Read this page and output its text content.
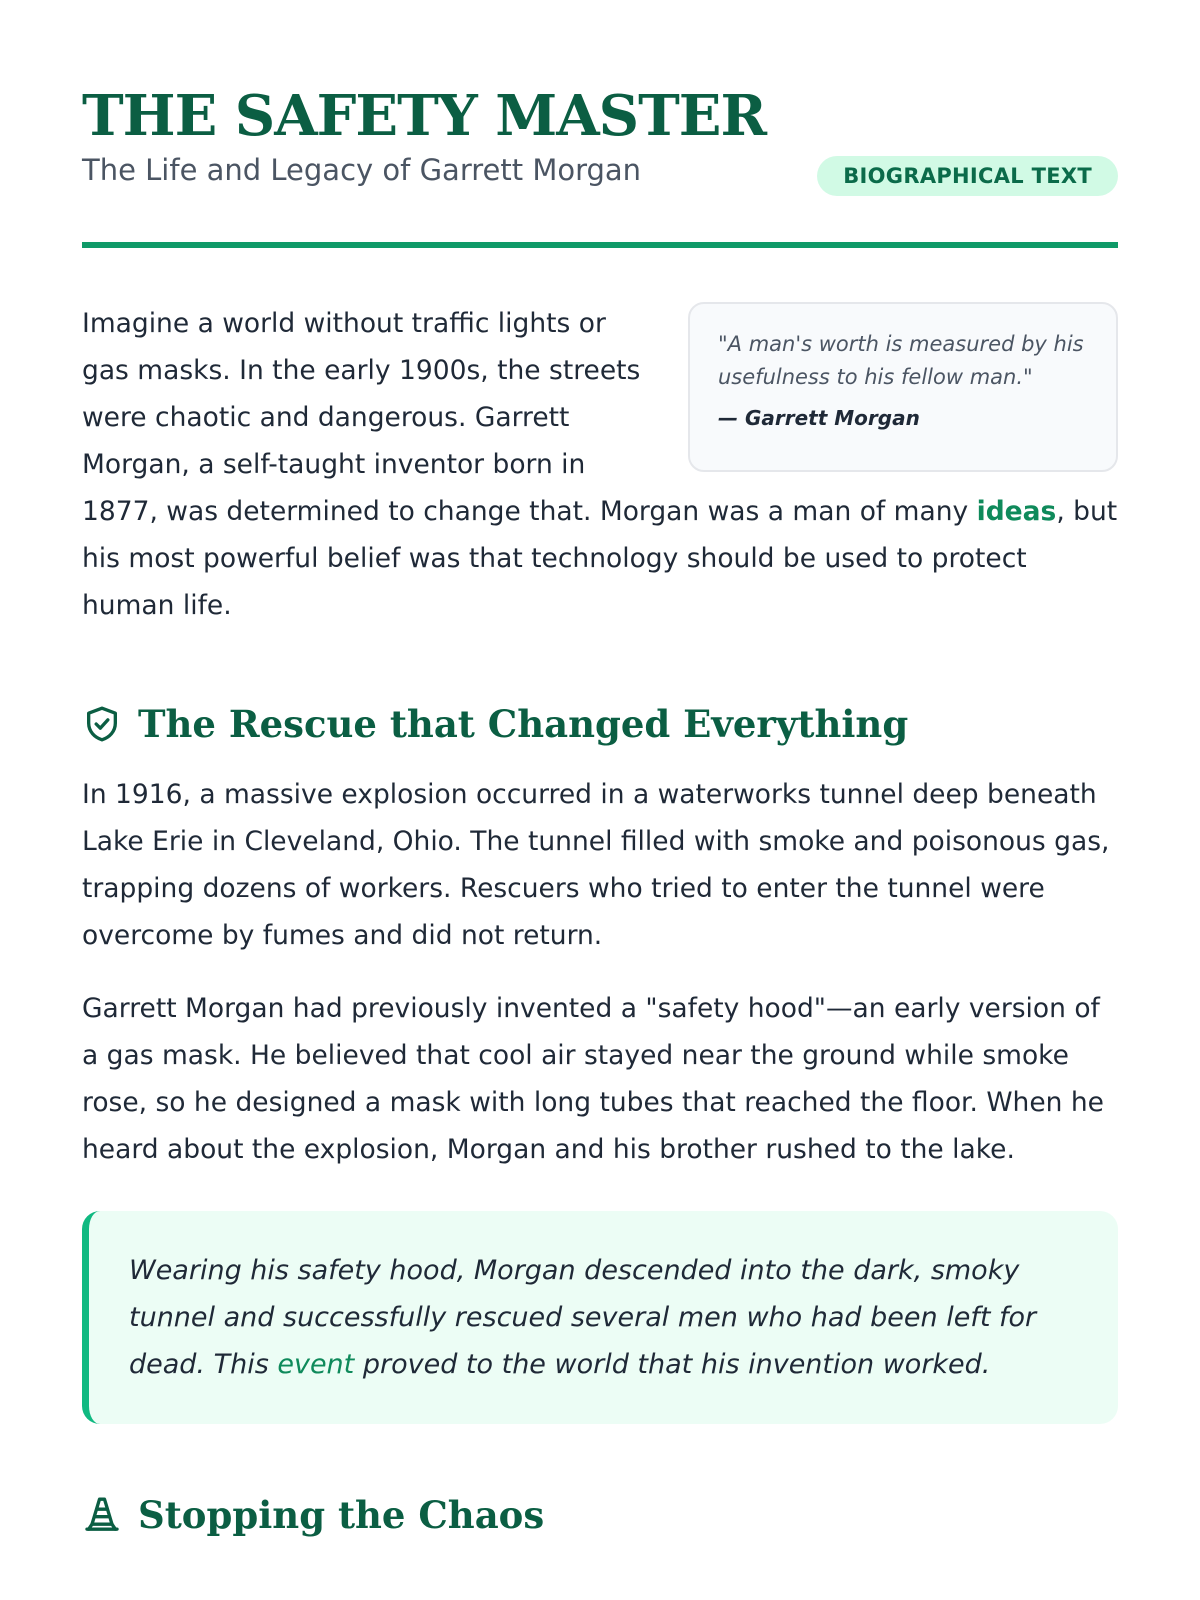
THE SAFETY MASTER

The Life and Legacy of Garrett Morgan	BIOGRAPHICAL TEXT

"A man's worth is measured by his usefulness to his fellow man."

— Garrett Morgan

Imagine a world without traffic lights or gas masks. In the early 1900s, the streets were chaotic and dangerous. Garrett Morgan, a self-taught inventor born in 1877, was determined to change that. Morgan was a man of many ideas, but his most powerful belief was that technology should be used to protect human life.

The Rescue that Changed Everything

In 1916, a massive explosion occurred in a waterworks tunnel deep beneath Lake Erie in Cleveland, Ohio. The tunnel filled with smoke and poisonous gas, trapping dozens of workers. Rescuers who tried to enter the tunnel were overcome by fumes and did not return.

Garrett Morgan had previously invented a "safety hood"—an early version of a gas mask. He believed that cool air stayed near the ground while smoke rose, so he designed a mask with long tubes that reached the floor. When he heard about the explosion, Morgan and his brother rushed to the lake.

Wearing his safety hood, Morgan descended into the dark, smoky tunnel and successfully rescued several men who had been left for dead. This event proved to the world that his invention worked.

Stopping the Chaos
